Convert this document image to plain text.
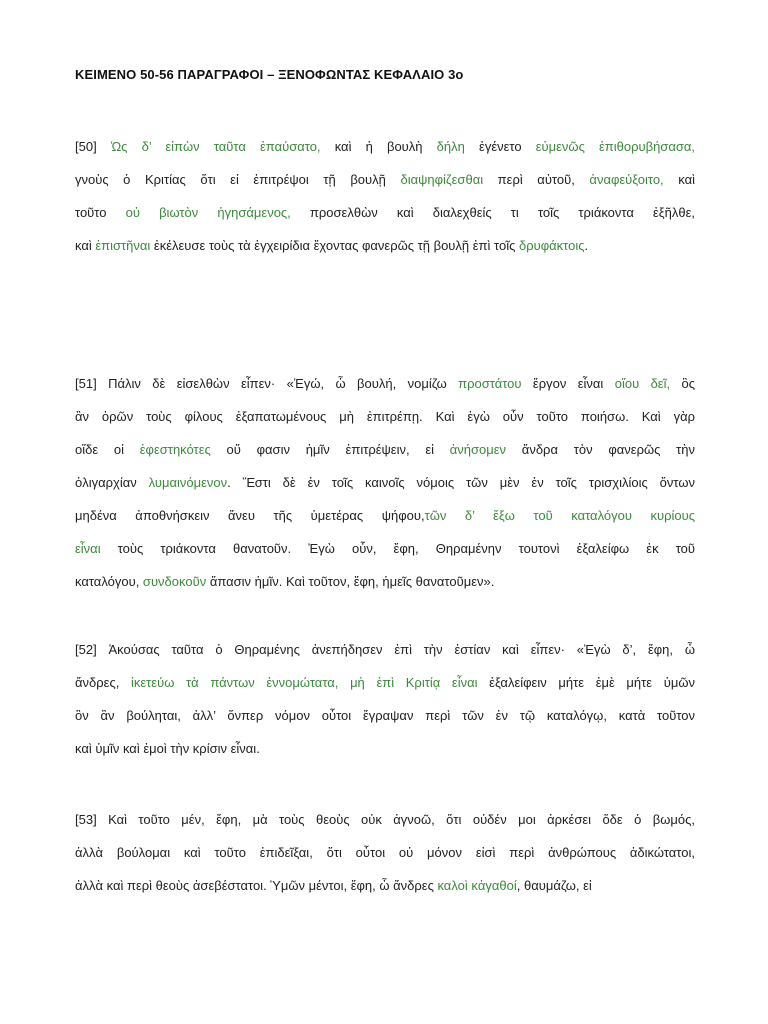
ΚΕΙΜΕΝΟ 50-56 ΠΑΡΑΓΡΑΦΟΙ – ΞΕΝΟΦΩΝΤΑΣ ΚΕΦΑΛΑΙΟ 3ο
[50] Ὡς δ’ εἰπὼν ταῦτα ἐπαύσατο, καὶ ἡ βουλὴ δήλη ἐγένετο εὐμενῶς ἐπιθορυβήσασα,
γνοὺς ὁ Κριτίας ὅτι εἰ ἐπιτρέψοι τῇ βουλῇ διαψηφίζεσθαι περὶ αὐτοῦ, ἀναφεύξοιτο, καὶ
τοῦτο οὐ βιωτὸν ἡγησάμενος, προσελθὼν καὶ διαλεχθείς τι τοῖς τριάκοντα ἐξῆλθε,
καὶ ἐπιστῆναι ἐκέλευσε τοὺς τὰ ἐγχειρίδια ἔχοντας φανερῶς τῇ βουλῇ ἐπὶ τοῖς δρυφάκτοις.
[51] Πάλιν δὲ εἰσελθὼν εἶπεν· «Ἐγώ, ὦ βουλή, νομίζω προστάτου ἔργον εἶναι οἵου δεῖ, ὃς
ἂν ὁρῶν τοὺς φίλους ἐξαπατωμένους μὴ ἐπιτρέπῃ. Καὶ ἐγὼ οὖν τοῦτο ποιήσω. Καὶ γὰρ
οἵδε οἱ ἐφεστηκότες οὔ φασιν ἡμῖν ἐπιτρέψειν, εἰ ἀνήσομεν ἄνδρα τὸν φανερῶς τὴν
ὀλιγαρχίαν λυμαινόμενον. Ἔστι δὲ ἐν τοῖς καινοῖς νόμοις τῶν μὲν ἐν τοῖς τρισχιλίοις ὄντων
μηδένα ἀποθνήσκειν ἄνευ τῆς ὑμετέρας ψήφου,τῶν δ’ ἔξω τοῦ καταλόγου κυρίους
εἶναι τοὺς τριάκοντα θανατοῦν. Ἐγὼ οὖν, ἔφη, Θηραμένην τουτονὶ ἐξαλείφω ἐκ τοῦ
καταλόγου, συνδοκοῦν ἅπασιν ἡμῖν. Καὶ τοῦτον, ἔφη, ἡμεῖς θανατοῦμεν».
[52] Ἀκούσας ταῦτα ὁ Θηραμένης ἀνεπήδησεν ἐπὶ τὴν ἑστίαν καὶ εἶπεν· «Ἐγὼ δ’, ἔφη, ὦ
ἄνδρες, ἱκετεύω τὰ πάντων ἐννομώτατα, μὴ ἐπὶ Κριτίᾳ εἶναι ἐξαλείφειν μήτε ἐμὲ μήτε ὑμῶν
ὃν ἂν βούληται, ἀλλ’ ὅνπερ νόμον οὗτοι ἔγραψαν περὶ τῶν ἐν τῷ καταλόγῳ, κατὰ τοῦτον
καὶ ὑμῖν καὶ ἐμοὶ τὴν κρίσιν εἶναι.
[53] Καὶ τοῦτο μέν, ἔφη, μὰ τοὺς θεοὺς οὐκ ἀγνοῶ, ὅτι οὐδέν μοι ἀρκέσει ὅδε ὁ βωμός,
ἀλλὰ βούλομαι καὶ τοῦτο ἐπιδεῖξαι, ὅτι οὗτοι οὐ μόνον εἰσὶ περὶ ἀνθρώπους ἀδικώτατοι,
ἀλλὰ καὶ περὶ θεοὺς ἀσεβέστατοι. Ὑμῶν μέντοι, ἔφη, ὦ ἄνδρες καλοὶ κἀγαθοί, θαυμάζω, εἰ
